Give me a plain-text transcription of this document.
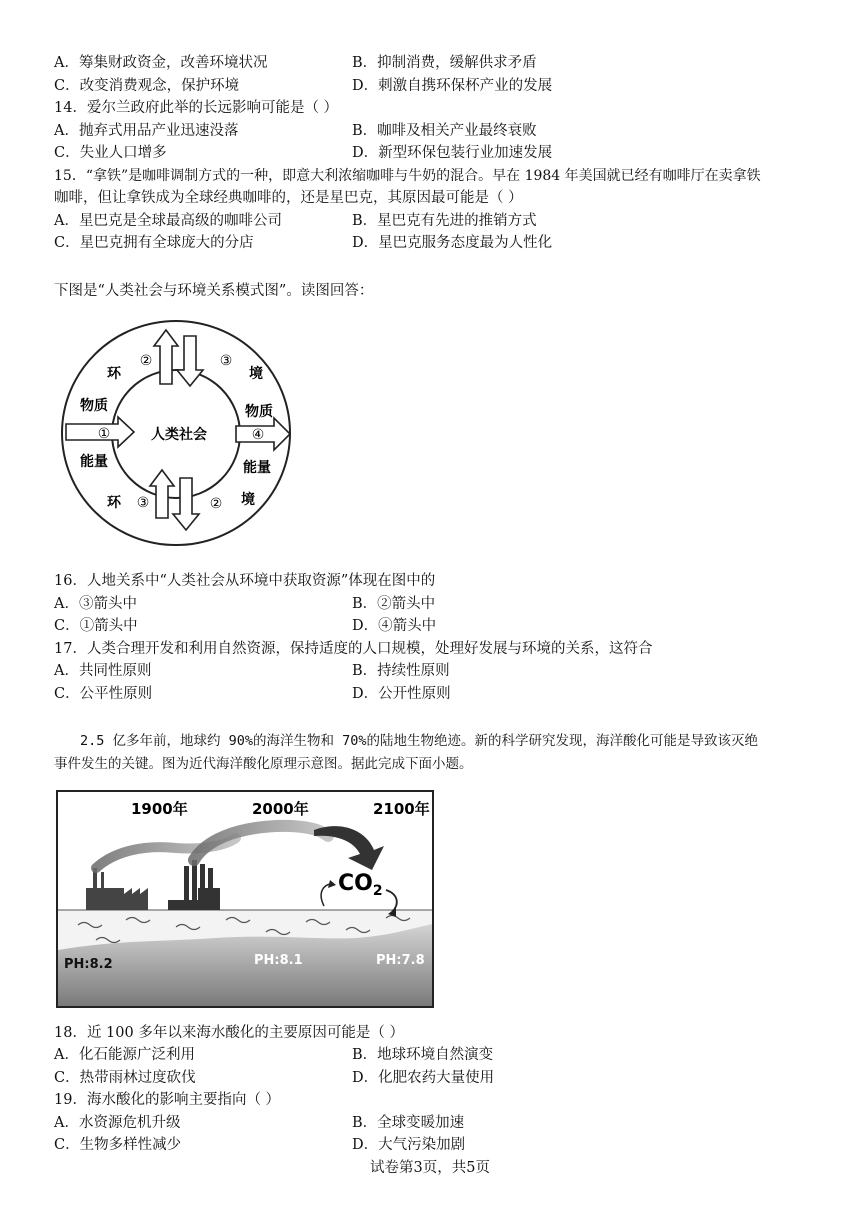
A．筹集财政资金，改善环境状况	B．抑制消费，缓解供求矛盾
C．改变消费观念，保护环境	D．刺激自携环保杯产业的发展
14．爱尔兰政府此举的长远影响可能是（ ）
A．抛弃式用品产业迅速没落	B．咖啡及相关产业最终衰败
C．失业人口增多	D．新型环保包装行业加速发展
15．“拿铁”是咖啡调制方式的一种，即意大利浓缩咖啡与牛奶的混合。早在 1984 年美国就已经有咖啡厅在卖拿铁
咖啡，但让拿铁成为全球经典咖啡的，还是星巴克，其原因最可能是（ ）
A．星巴克是全球最高级的咖啡公司	B．星巴克有先进的推销方式
C．星巴克拥有全球庞大的分店	D．星巴克服务态度最为人性化
下图是“人类社会与环境关系模式图”。读图回答：
人类社会
环	境
环	境
物质
能量
物质
能量
①
②	③
④
③	②
16．人地关系中“人类社会从环境中获取资源”体现在图中的
A．③箭头中	B．②箭头中
C．①箭头中	D．④箭头中
17．人类合理开发和利用自然资源，保持适度的人口规模，处理好发展与环境的关系，这符合
A．共同性原则	B．持续性原则
C．公平性原则	D．公开性原则
2.5 亿多年前，地球约 90%的海洋生物和 70%的陆地生物绝迹。新的科学研究发现，海洋酸化可能是导致该灭绝
事件发生的关键。图为近代海洋酸化原理示意图。据此完成下面小题。
1900年	2000年	2100年
$CO_2$
PH:8.2	PH:8.1	PH:7.8
18．近 100 多年以来海水酸化的主要原因可能是（ ）
A．化石能源广泛利用	B．地球环境自然演变
C．热带雨林过度砍伐	D．化肥农药大量使用
19．海水酸化的影响主要指向（ ）
A．水资源危机升级	B．全球变暖加速
C．生物多样性减少	D．大气污染加剧
试卷第3页，共5页
